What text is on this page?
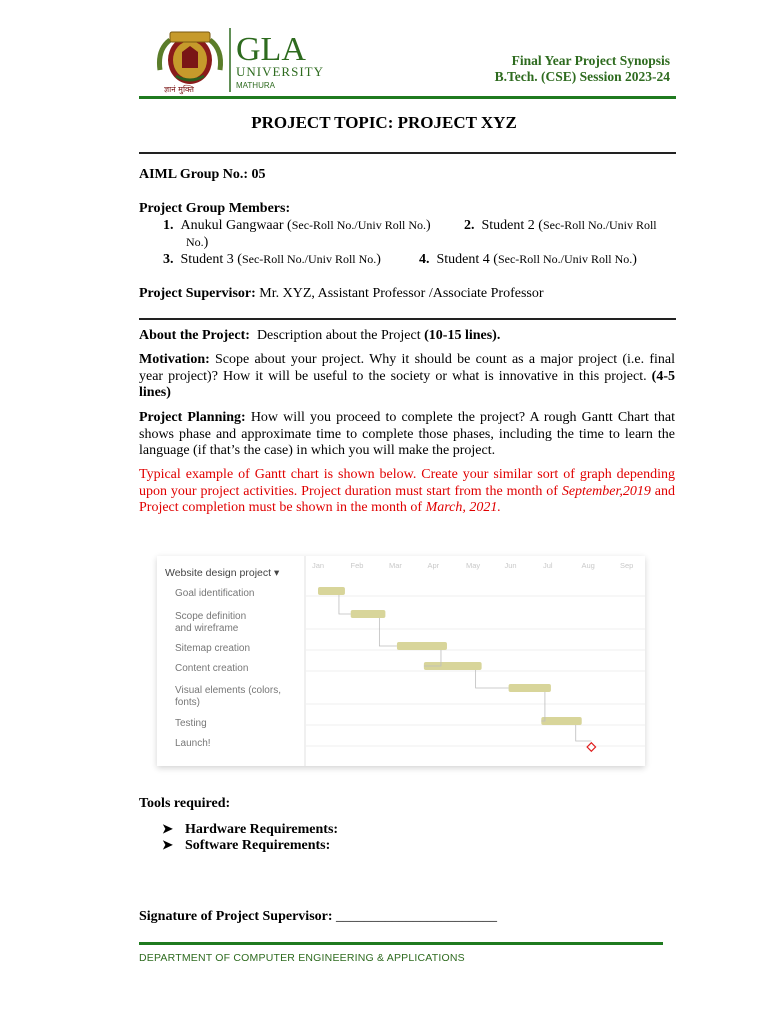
ज्ञानं मुक्ति
GLA
UNIVERSITY
MATHURA
Final Year Project Synopsis
B.Tech. (CSE) Session 2023-24
PROJECT TOPIC: PROJECT XYZ
AIML Group No.: 05
Project Group Members:
1. Anukul Gangwaar (Sec-Roll No./Univ Roll No.) 2. Student 2 (Sec-Roll No./Univ Roll
No.)
3. Student 3 (Sec-Roll No./Univ Roll No.)	4. Student 4 (Sec-Roll No./Univ Roll No.)
Project Supervisor: Mr. XYZ, Assistant Professor /Associate Professor
About the Project: Description about the Project (10-15 lines).
Motivation: Scope about your project. Why it should be count as a major project (i.e. final year project)? How it will be useful to the society or what is innovative in this project. (4-5 lines)
Project Planning: How will you proceed to complete the project? A rough Gantt Chart that shows phase and approximate time to complete those phases, including the time to learn the language (if that’s the case) in which you will make the project.
Typical example of Gantt chart is shown below. Create your similar sort of graph depending upon your project activities. Project duration must start from the month of September,2019 and Project completion must be shown in the month of March, 2021.
Jan	Feb	Mar	Apr	May	Jun	Jul	Aug	Sep
Website design project ▾
Goal identification
Scope definition
and wireframe
Sitemap creation
Content creation
Visual elements (colors,
fonts)
Testing
Launch!
Tools required:
➤ Hardware Requirements:
➤ Software Requirements:
Signature of Project Supervisor: _______________________
DEPARTMENT OF COMPUTER ENGINEERING & APPLICATIONS
